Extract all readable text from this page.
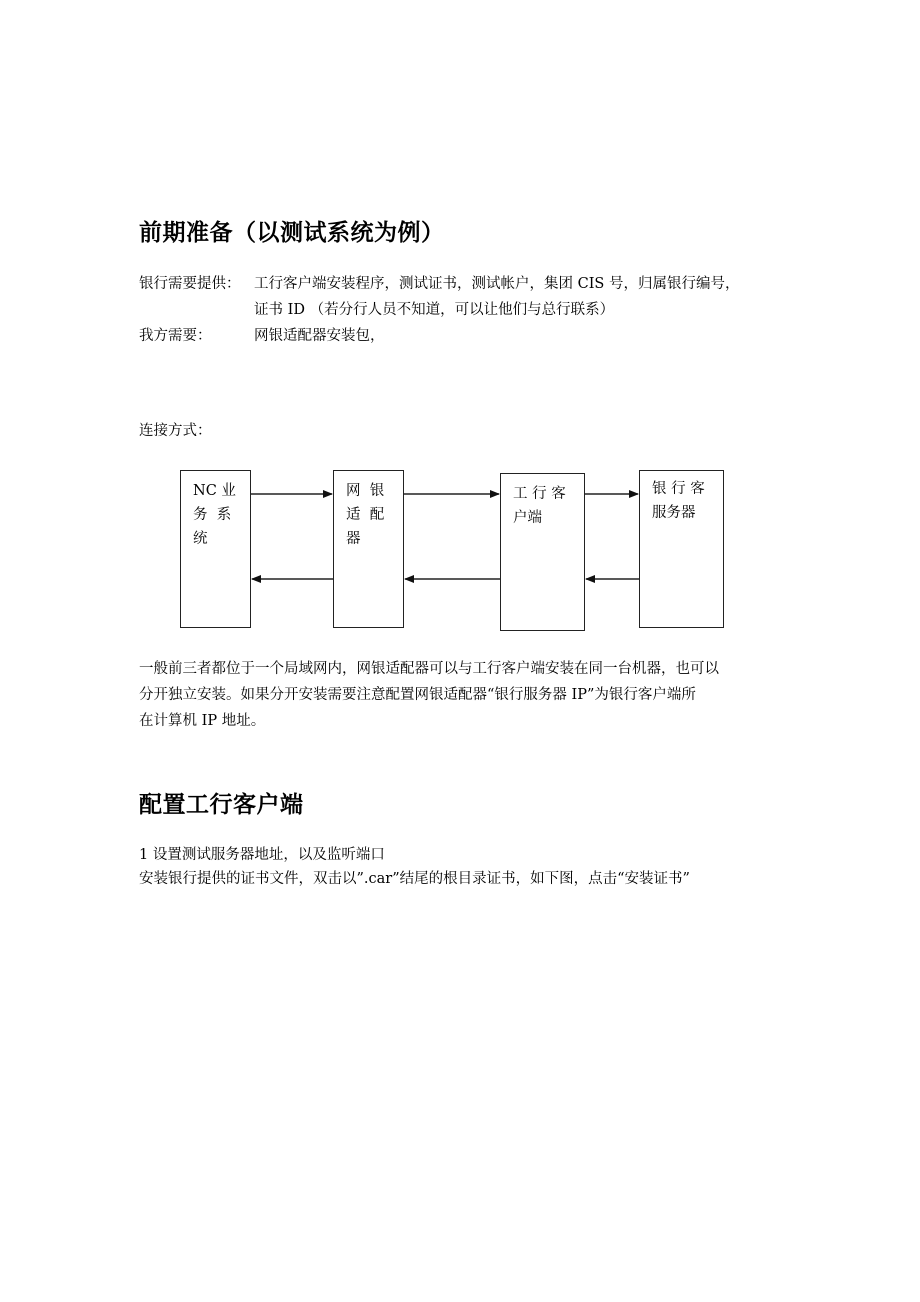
前期准备（以测试系统为例）
银行需要提供： 工行客户端安装程序，测试证书，测试帐户，集团 CIS 号，归属银行编号，
证书 ID （若分行人员不知道，可以让他们与总行联系）
我方需要：	网银适配器安装包，
连接方式：
NC 业
务  系
统
网  银
适  配
器
工 行 客
户端
银 行 客
服务器
一般前三者都位于一个局域网内，网银适配器可以与工行客户端安装在同一台机器，也可以
分开独立安装。如果分开安装需要注意配置网银适配器“银行服务器 IP”为银行客户端所
在计算机 IP 地址。
配置工行客户端
1 设置测试服务器地址，以及监听端口
安装银行提供的证书文件，双击以”.car”结尾的根目录证书，如下图，点击“安装证书”
